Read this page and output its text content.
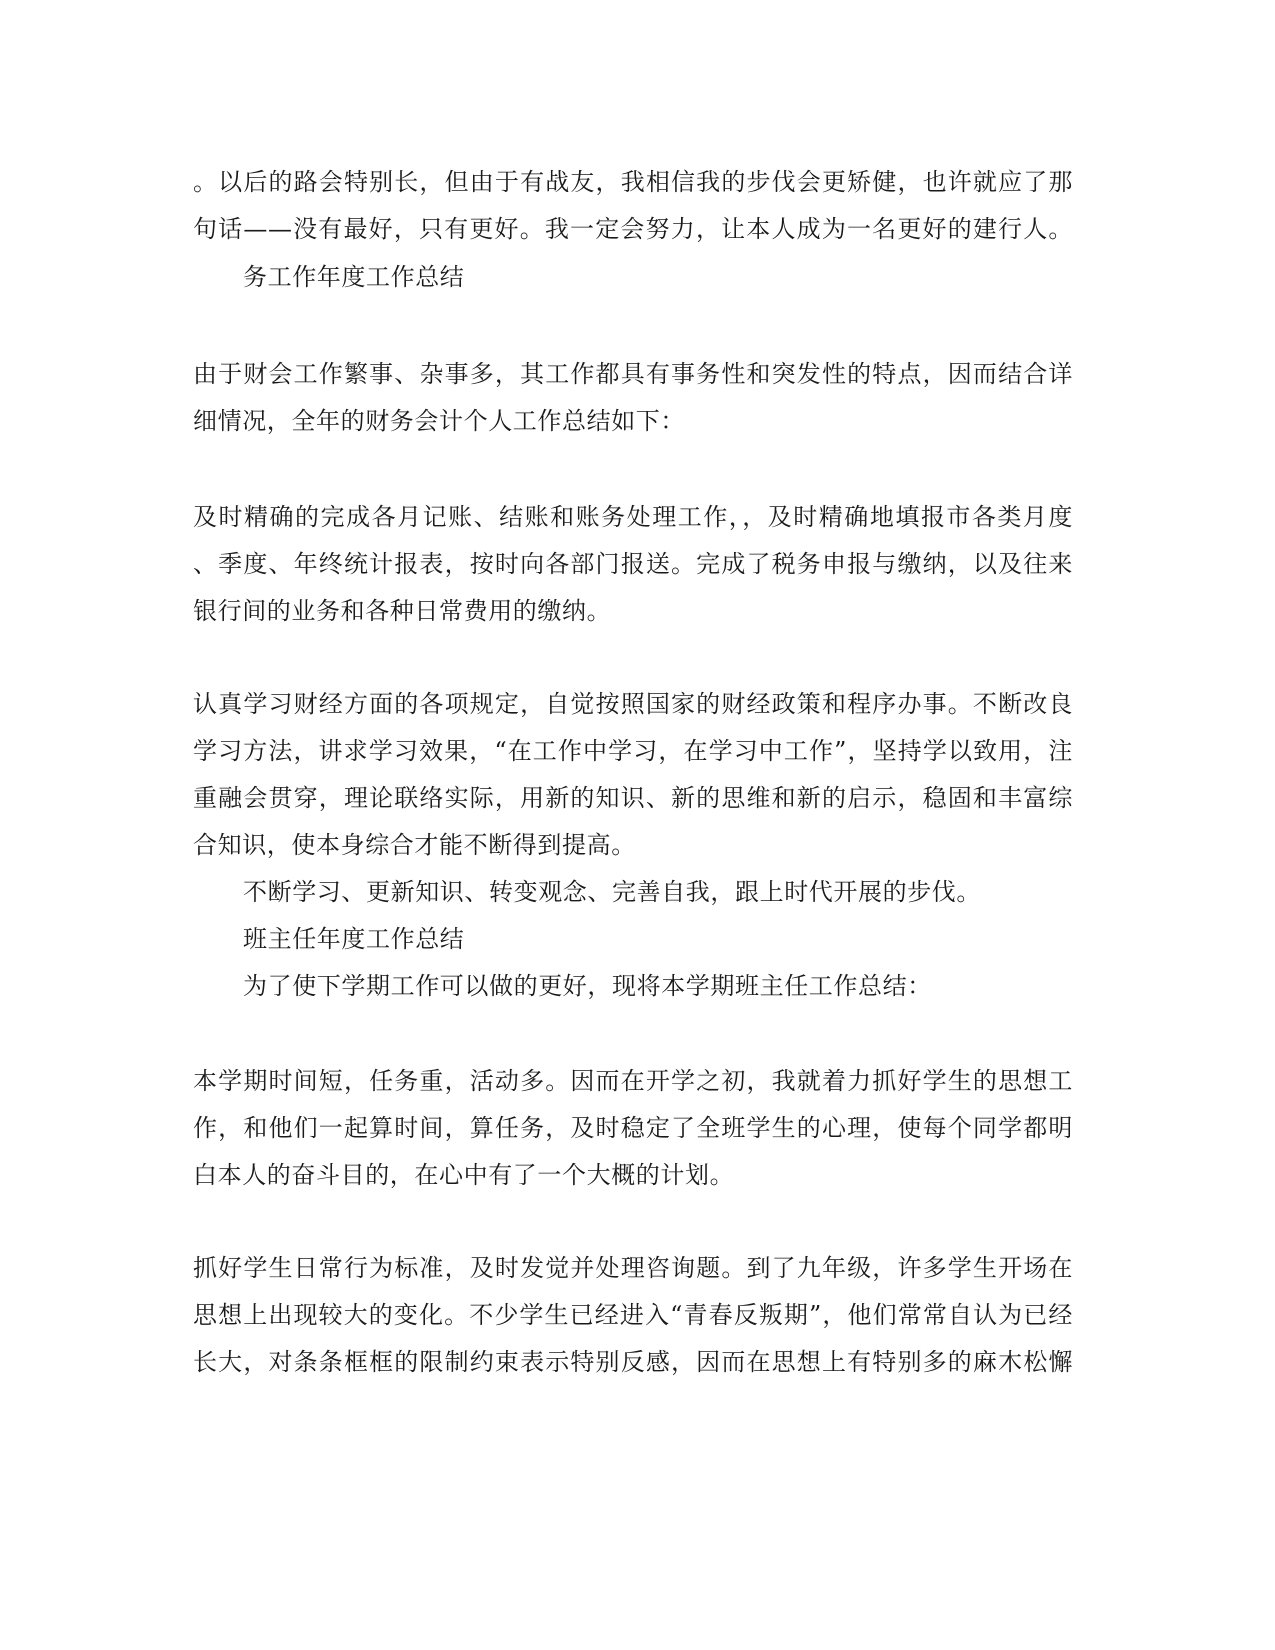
。以后的路会特别长，但由于有战友，我相信我的步伐会更矫健，也许就应了那
句话——没有最好，只有更好。我一定会努力，让本人成为一名更好的建行人。
务工作年度工作总结
由于财会工作繁事、杂事多，其工作都具有事务性和突发性的特点，因而结合详
细情况，全年的财务会计个人工作总结如下：
及时精确的完成各月记账、结账和账务处理工作，，及时精确地填报市各类月度
、季度、年终统计报表，按时向各部门报送。完成了税务申报与缴纳，以及往来
银行间的业务和各种日常费用的缴纳。
认真学习财经方面的各项规定，自觉按照国家的财经政策和程序办事。不断改良
学习方法，讲求学习效果，“在工作中学习，在学习中工作”，坚持学以致用，注
重融会贯穿，理论联络实际，用新的知识、新的思维和新的启示，稳固和丰富综
合知识，使本身综合才能不断得到提高。
不断学习、更新知识、转变观念、完善自我，跟上时代开展的步伐。
班主任年度工作总结
为了使下学期工作可以做的更好，现将本学期班主任工作总结：
本学期时间短，任务重，活动多。因而在开学之初，我就着力抓好学生的思想工
作，和他们一起算时间，算任务，及时稳定了全班学生的心理，使每个同学都明
白本人的奋斗目的，在心中有了一个大概的计划。
抓好学生日常行为标准，及时发觉并处理咨询题。到了九年级，许多学生开场在
思想上出现较大的变化。不少学生已经进入“青春反叛期”，他们常常自认为已经
长大，对条条框框的限制约束表示特别反感，因而在思想上有特别多的麻木松懈
